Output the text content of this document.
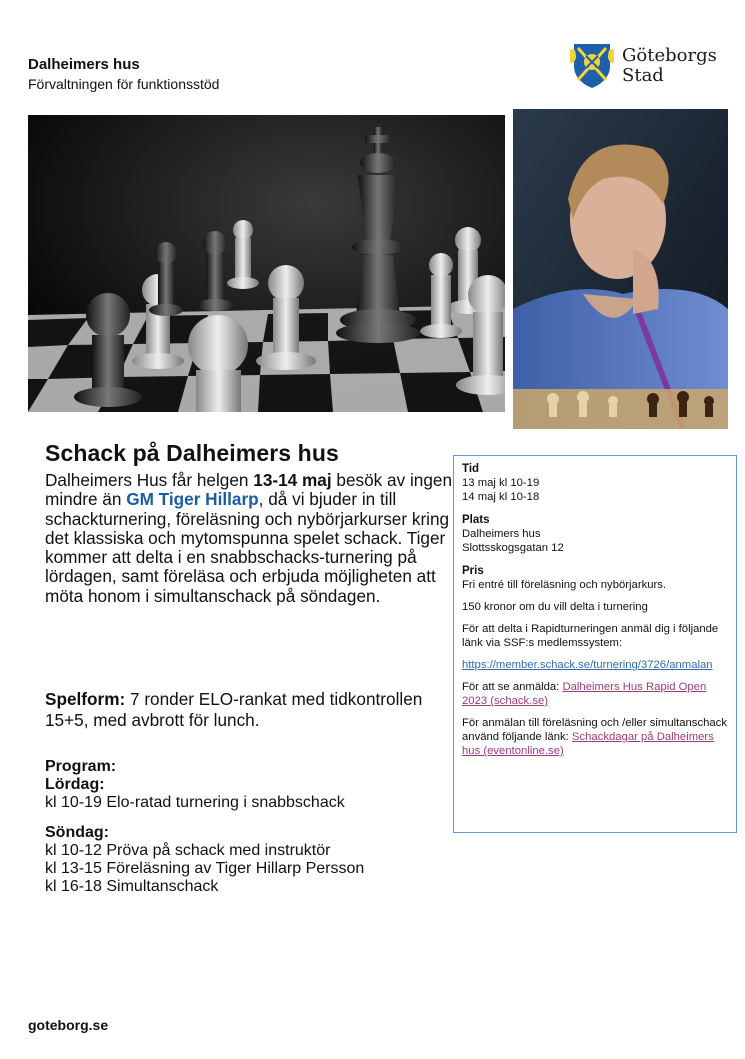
Dalheimers hus
Förvaltningen för funktionsstöd
Göteborgs
Stad
Schack på Dalheimers hus
Dalheimers Hus får helgen 13-14 maj besök av ingen mindre än GM Tiger Hillarp, då vi bjuder in till schackturnering, föreläsning och nybörjarkurser kring det klassiska och mytomspunna spelet schack. Tiger kommer att delta i en snabbschacks-turnering på lördagen, samt föreläsa och erbjuda möjligheten att möta honom i simultanschack på söndagen.
Spelform: 7 ronder ELO-rankat med tidkontrollen 15+5, med avbrott för lunch.
Program:
Lördag:
kl 10-19 Elo-ratad turnering i snabbschack
Söndag:
kl 10-12 Pröva på schack med instruktör
kl 13-15 Föreläsning av Tiger Hillarp Persson
kl 16-18 Simultanschack

Tid

13 maj kl 10-19

14 maj kl 10-18

Plats

Dalheimers hus

Slottsskogsgatan 12

Pris

Fri entré till föreläsning och nybörjarkurs.

150 kronor om du vill delta i turnering

För att delta i Rapidturneringen anmäl dig i följande länk via SSF:s medlemssystem:

https://member.schack.se/turnering/3726/anmalan

För att se anmälda: Dalheimers Hus Rapid Open 2023 (schack.se)

För anmälan till föreläsning och /eller simultanschack använd följande länk: Schackdagar på Dalheimers hus (eventonline.se)

goteborg.se
